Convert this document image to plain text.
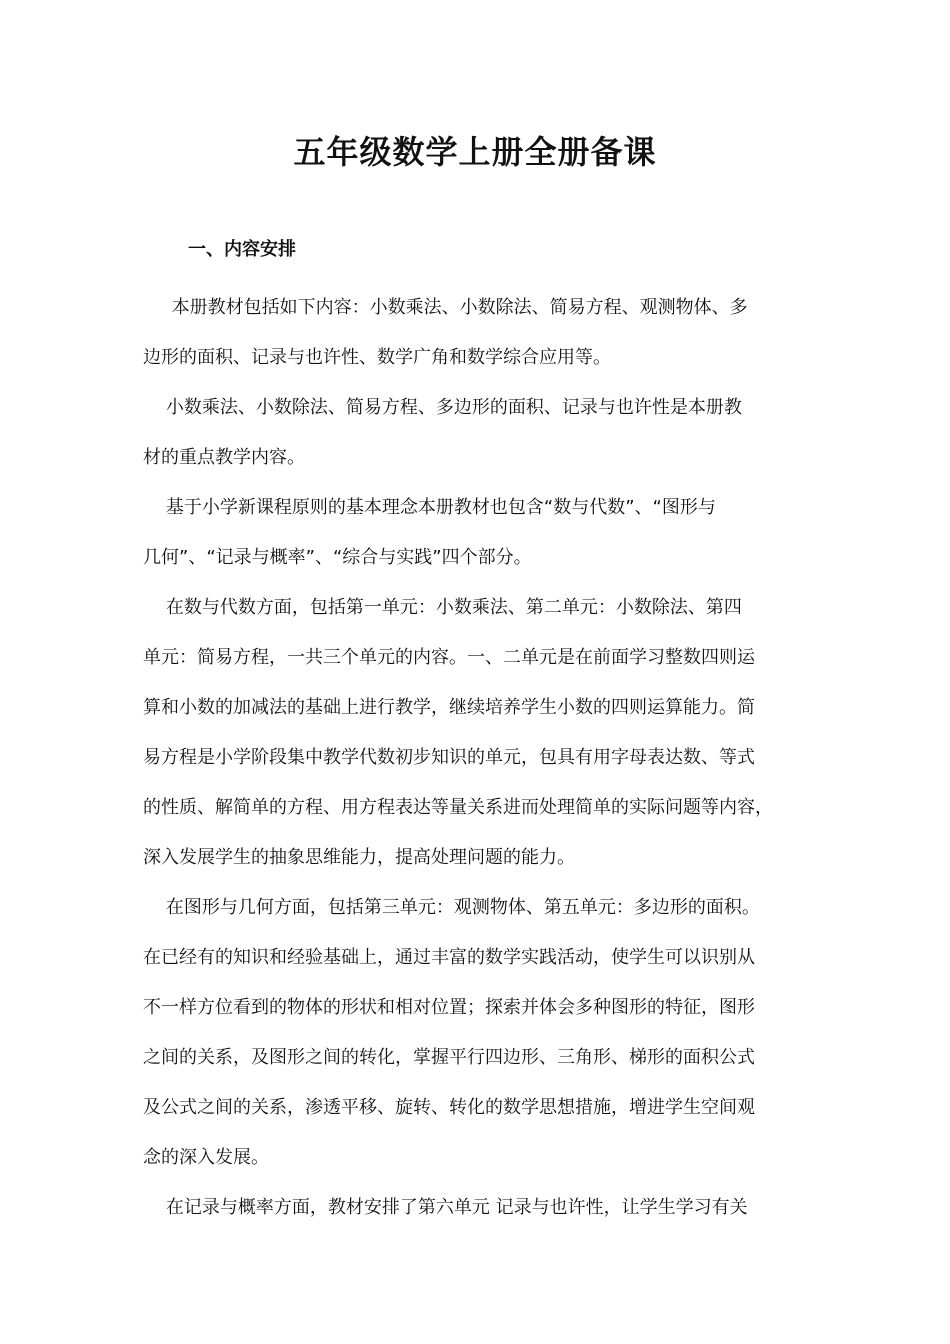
五年级数学上册全册备课
一、内容安排
本册教材包括如下内容：小数乘法、小数除法、简易方程、观测物体、多
边形的面积、记录与也许性、数学广角和数学综合应用等。
小数乘法、小数除法、简易方程、多边形的面积、记录与也许性是本册教
材的重点教学内容。
基于小学新课程原则的基本理念本册教材也包含“数与代数”、“图形与
几何”、“记录与概率”、“综合与实践”四个部分。
在数与代数方面，包括第一单元：小数乘法、第二单元：小数除法、第四
单元：简易方程，一共三个单元的内容。一、二单元是在前面学习整数四则运
算和小数的加减法的基础上进行教学，继续培养学生小数的四则运算能力。简
易方程是小学阶段集中教学代数初步知识的单元，包具有用字母表达数、等式
的性质、解简单的方程、用方程表达等量关系进而处理简单的实际问题等内容，
深入发展学生的抽象思维能力，提高处理问题的能力。
在图形与几何方面，包括第三单元：观测物体、第五单元：多边形的面积。
在已经有的知识和经验基础上，通过丰富的数学实践活动，使学生可以识别从
不一样方位看到的物体的形状和相对位置；探索并体会多种图形的特征，图形
之间的关系，及图形之间的转化，掌握平行四边形、三角形、梯形的面积公式
及公式之间的关系，渗透平移、旋转、转化的数学思想措施，增进学生空间观
念的深入发展。
在记录与概率方面，教材安排了第六单元 记录与也许性，让学生学习有关
